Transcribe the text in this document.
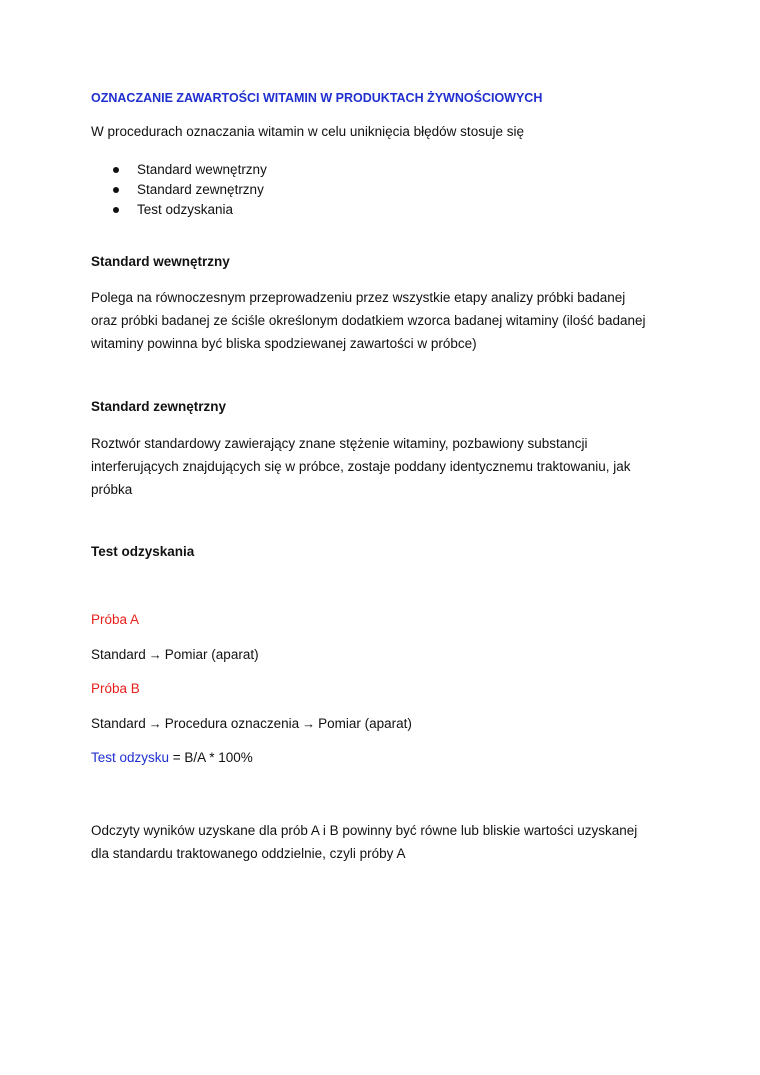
OZNACZANIE ZAWARTOŚCI WITAMIN W PRODUKTACH ŻYWNOŚCIOWYCH

W procedurach oznaczania witamin w celu uniknięcia błędów stosuje się

Standard wewnętrzny
Standard zewnętrzny
Test odzyskania
Standard wewnętrzny

Polega na równoczesnym przeprowadzeniu przez wszystkie etapy analizy próbki badanej
oraz próbki badanej ze ściśle określonym dodatkiem wzorca badanej witaminy (ilość badanej
witaminy powinna być bliska spodziewanej zawartości w próbce)

Standard zewnętrzny

Roztwór standardowy zawierający znane stężenie witaminy, pozbawiony substancji
interferujących znajdujących się w próbce, zostaje poddany identycznemu traktowaniu, jak
próbka

Test odzyskania
Próba A
Standard → Pomiar (aparat)
Próba B
Standard → Procedura oznaczenia → Pomiar (aparat)
Test odzysku = B/A * 100%

Odczyty wyników uzyskane dla prób A i B powinny być równe lub bliskie wartości uzyskanej
dla standardu traktowanego oddzielnie, czyli próby A
